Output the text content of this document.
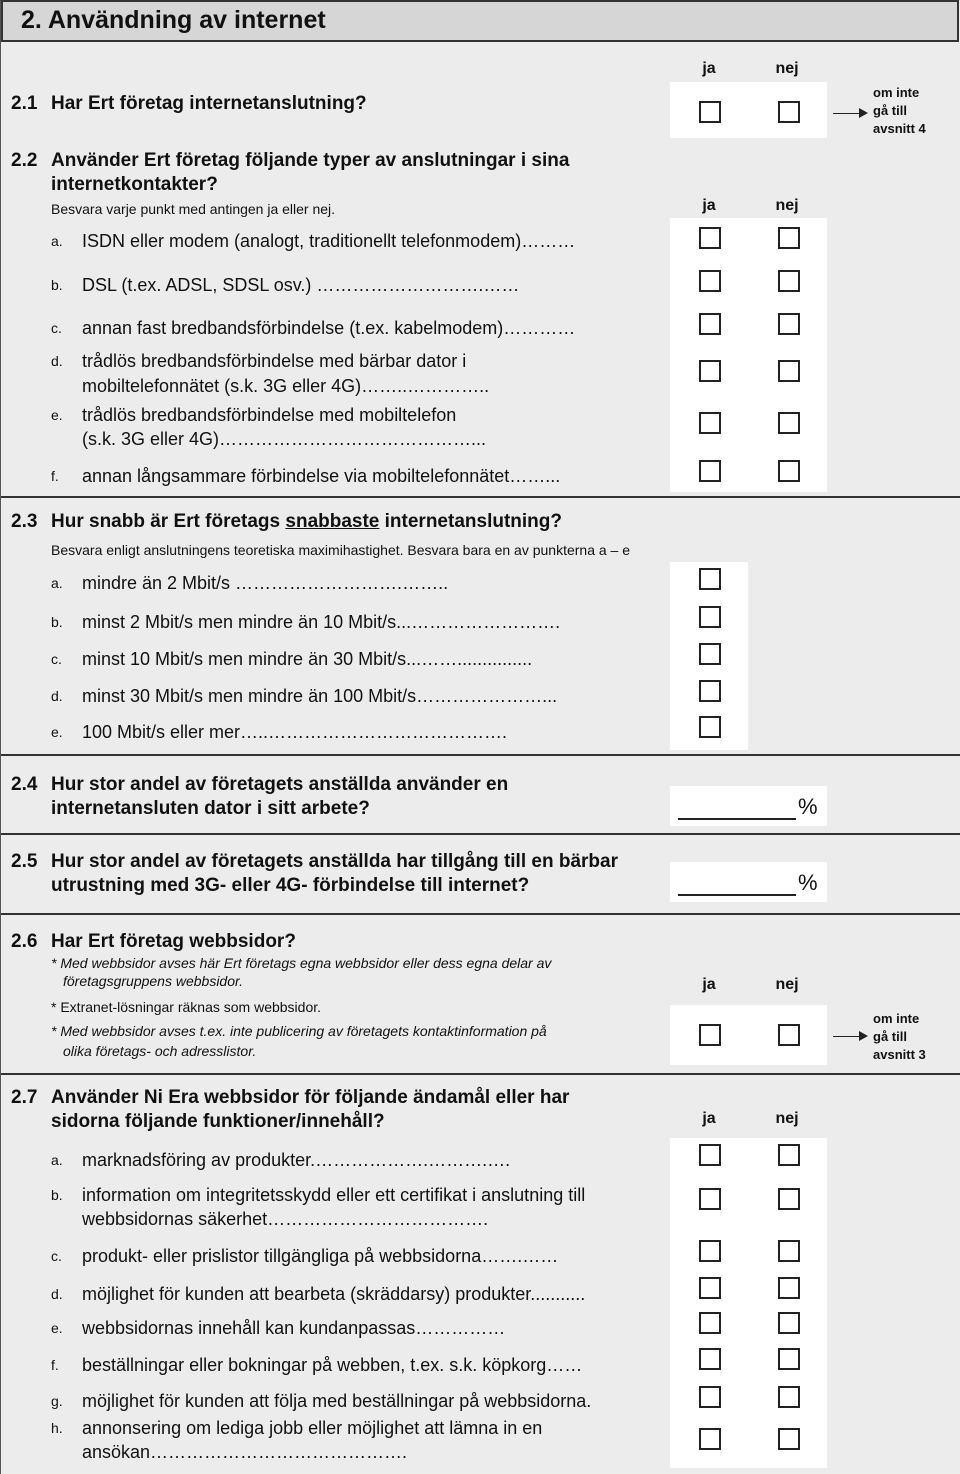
2. Användning av internet
ja	nej
2.1 Har Ert företag internetanslutning?
om inte
gå till
avsnitt 4
2.2 Använder Ert företag följande typer av anslutningar i sina
internetkontakter?
Besvara varje punkt med antingen ja eller nej.	ja	nej
a. ISDN eller modem (analogt, traditionellt telefonmodem)………
b. DSL (t.ex. ADSL, SDSL osv.) ……………………….……
c. annan fast bredbandsförbindelse (t.ex. kabelmodem)…………
d. trådlös bredbandsförbindelse med bärbar dator i
mobiltelefonnätet (s.k. 3G eller 4G)……..…………..
e. trådlös bredbandsförbindelse med mobiltelefon
(s.k. 3G eller 4G)……………………………………...
f. annan långsammare förbindelse via mobiltelefonnätet……...
2.3 Hur snabb är Ert företags snabbaste internetanslutning?
Besvara enligt anslutningens teoretiska maximihastighet. Besvara bara en av punkterna a – e
a. mindre än 2 Mbit/s ……………………….……..
b. minst 2 Mbit/s men mindre än 10 Mbit/s...…………………….
c. minst 10 Mbit/s men mindre än 30 Mbit/s...……...............
d. minst 30 Mbit/s men mindre än 100 Mbit/s…………………...
e. 100 Mbit/s eller mer…..………………………………….
2.4 Hur stor andel av företagets anställda använder en
internetansluten dator i sitt arbete?	%
2.5 Hur stor andel av företagets anställda har tillgång till en bärbar
utrustning med 3G- eller 4G- förbindelse till internet?	%
2.6 Har Ert företag webbsidor?
* Med webbsidor avses här Ert företags egna webbsidor eller dess egna delar av
företagsgruppens webbsidor.
* Extranet-lösningar räknas som webbsidor.
* Med webbsidor avses t.ex. inte publicering av företagets kontaktinformation på
olika företags- och adresslistor.
ja	nej
om inte
gå till
avsnitt 3
2.7 Använder Ni Era webbsidor för följande ändamål eller har
sidorna följande funktioner/innehåll?	ja	nej
a. marknadsföring av produkter.……………….……….….
b. information om integritetsskydd eller ett certifikat i anslutning till
webbsidornas säkerhet……………………………….
c. produkt- eller prislistor tillgängliga på webbsidorna…….……
d. möjlighet för kunden att bearbeta (skräddarsy) produkter...........
e. webbsidornas innehåll kan kundanpassas……………
f. beställningar eller bokningar på webben, t.ex. s.k. köpkorg……
g. möjlighet för kunden att följa med beställningar på webbsidorna.
h. annonsering om lediga jobb eller möjlighet att lämna in en
ansökan…………………………………….
